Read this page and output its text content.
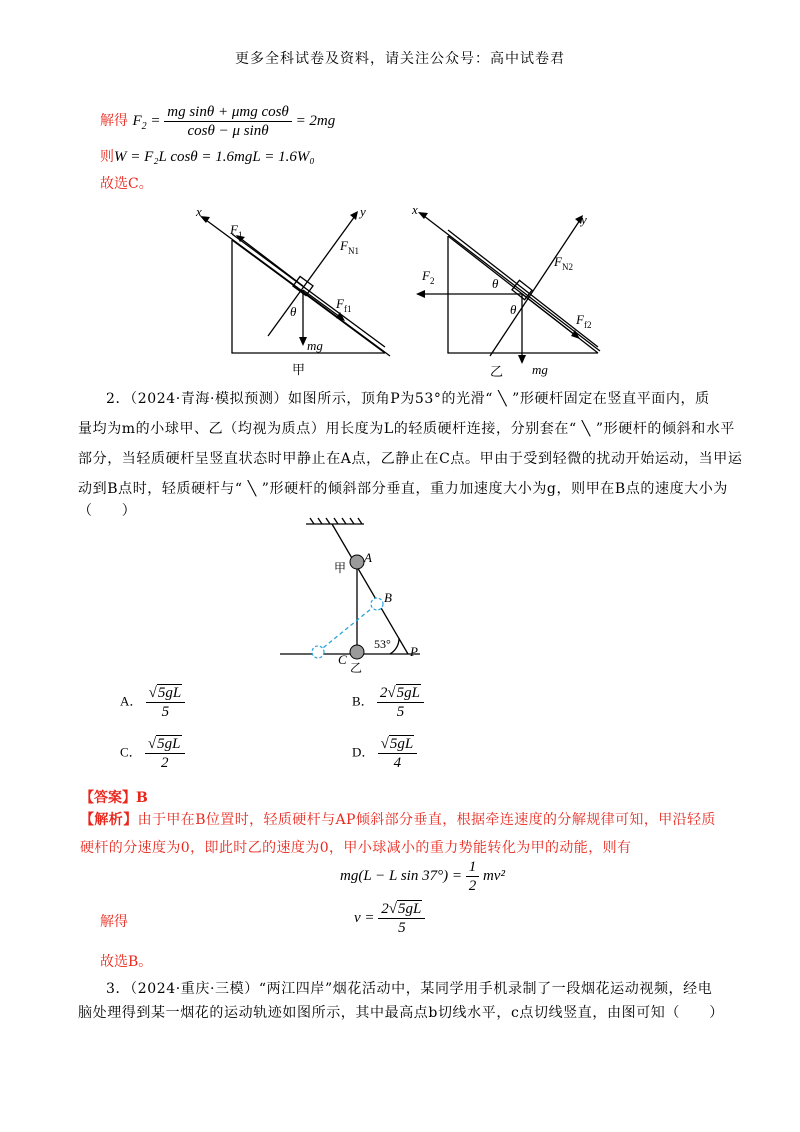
更多全科试卷及资料，请关注公众号：高中试卷君
解得 $F_2 = \frac{\text{mg sinθ + μmg cosθ}}{\text{cosθ − μ sinθ}} = 2mg$
则W = F₂L cosθ = 1.6mgL = 1.6W₀
故选C。
x	y
$F_1$
$F_{N1}$
$F_{f1}$
θ
mg
甲
x
y
$F_2$
$F_{N2}$
$F_{f2}$
θ
θ
mg
乙
2．（2024·青海·模拟预测）如图所示，顶角P为53°的光滑“ ╲ ”形硬杆固定在竖直平面内，质
量均为m的小球甲、乙（均视为质点）用长度为L的轻质硬杆连接，分别套在“ ╲ ”形硬杆的倾斜和水平
部分，当轻质硬杆呈竖直状态时甲静止在A点，乙静止在C点。甲由于受到轻微的扰动开始运动，当甲运
动到B点时，轻质硬杆与“ ╲ ”形硬杆的倾斜部分垂直，重力加速度大小为g，则甲在B点的速度大小为
（　　）
A
B
C
P
甲
乙
53°
A． $\frac{√5gL}{5}$	B． $\frac{2√5gL}{5}$
C． $\frac{√5gL}{2}$	D． $\frac{√5gL}{4}$
【答案】B
【解析】由于甲在B位置时，轻质硬杆与AP倾斜部分垂直，根据牵连速度的分解规律可知，甲沿轻质
硬杆的分速度为0，即此时乙的速度为0，甲小球减小的重力势能转化为甲的动能，则有
mg(L − L $\sin 37^\circ) = \frac{1}{2} mv^2$
解得	$v = \frac{2√5gL}{5}$
故选B。
3．（2024·重庆·三模）“两江四岸”烟花活动中，某同学用手机录制了一段烟花运动视频，经电
脑处理得到某一烟花的运动轨迹如图所示，其中最高点b切线水平，c点切线竖直，由图可知（　　）
